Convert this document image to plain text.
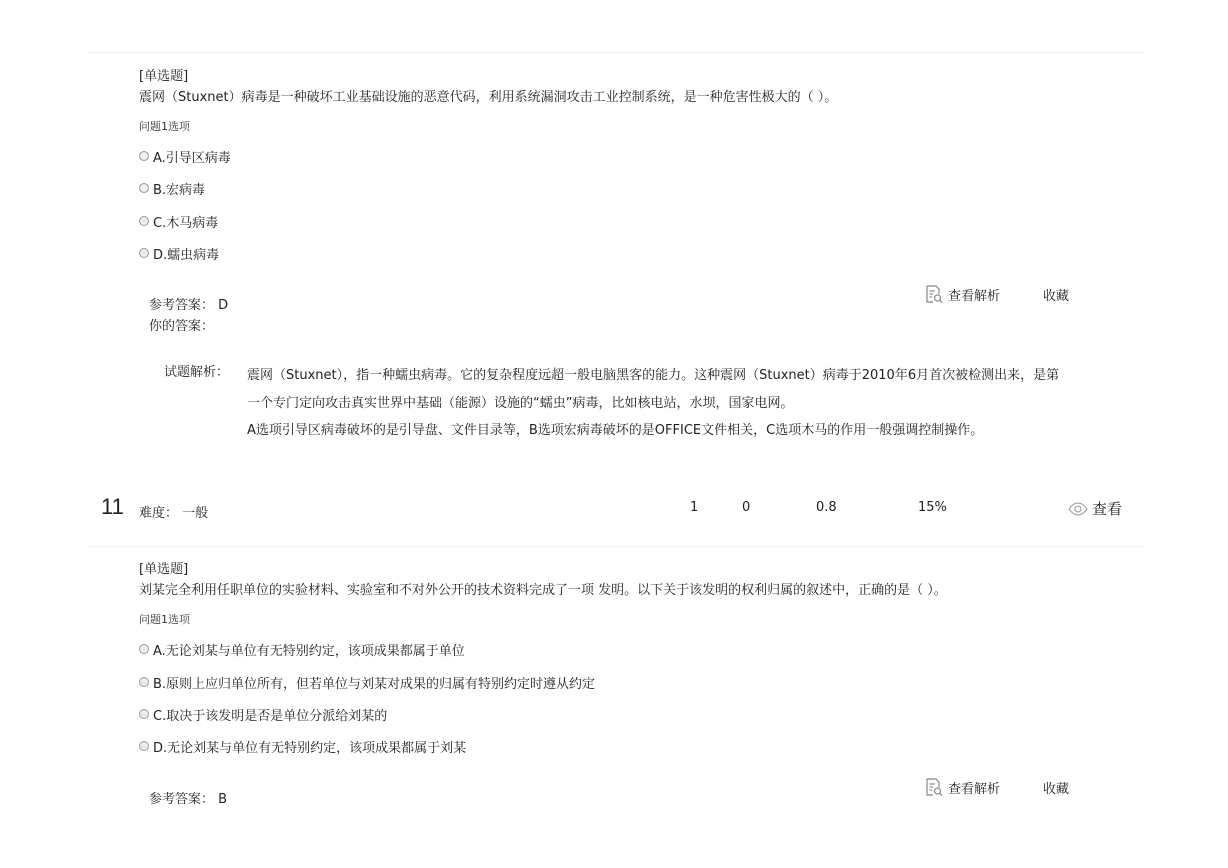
[单选题]
震网（Stuxnet）病毒是一种破坏工业基础设施的恶意代码，利用系统漏洞攻击工业控制系统，是一种危害性极大的（ ）。
问题1选项
A.引导区病毒
B.宏病毒
C.木马病毒
D.蠕虫病毒
参考答案： D
你的答案：
查看解析	收藏
试题解析： 震网（Stuxnet），指一种蠕虫病毒。它的复杂程度远超一般电脑黑客的能力。这种震网（Stuxnet）病毒于2010年6月首次被检测出来，是第
一个专门定向攻击真实世界中基础（能源）设施的“蠕虫”病毒，比如核电站，水坝，国家电网。
A选项引导区病毒破坏的是引导盘、文件目录等，B选项宏病毒破坏的是OFFICE文件相关，C选项木马的作用一般强调控制操作。
11 难度： 一般	1	0	0.8	15%	查看
[单选题]
刘某完全利用任职单位的实验材料、实验室和不对外公开的技术资料完成了一项 发明。以下关于该发明的权利归属的叙述中，正确的是（ ）。
问题1选项
A.无论刘某与单位有无特别约定，该项成果都属于单位
B.原则上应归单位所有，但若单位与刘某对成果的归属有特别约定时遵从约定
C.取决于该发明是否是单位分派给刘某的
D.无论刘某与单位有无特别约定，该项成果都属于刘某
参考答案： B
查看解析	收藏
